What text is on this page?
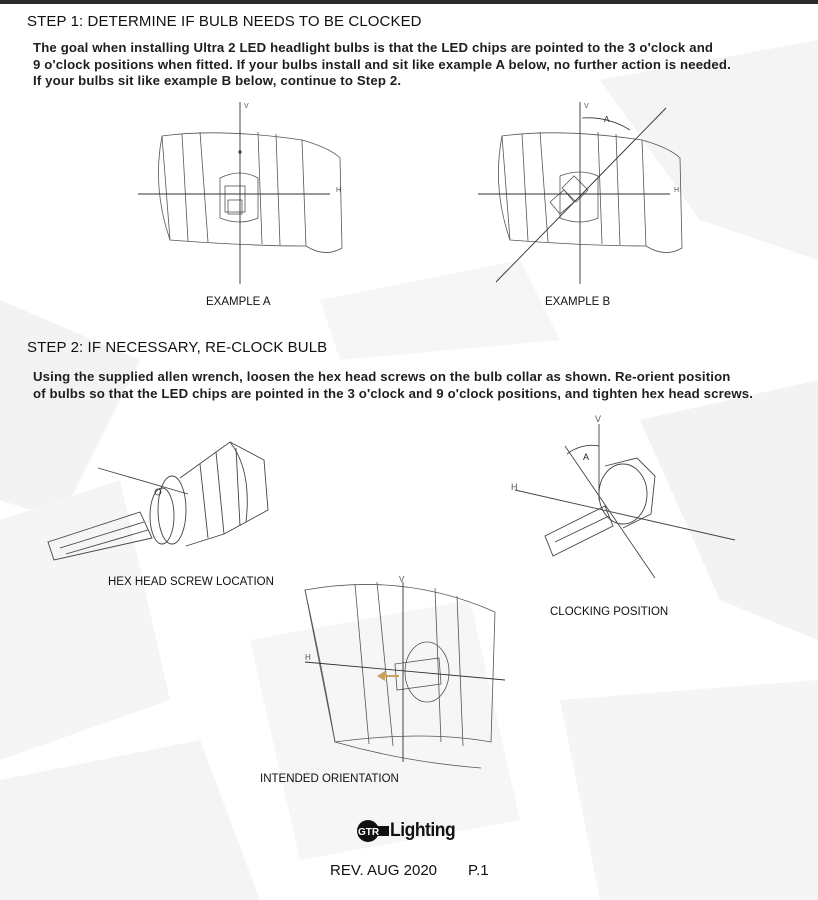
STEP 1: DETERMINE IF BULB NEEDS TO BE CLOCKED
The goal when installing Ultra 2 LED headlight bulbs is that the LED chips are pointed to the 3 o'clock and
9 o'clock positions when fitted. If your bulbs install and sit like example A below, no further action is needed.
If your bulbs sit like example B below, continue to Step 2.
V
H
EXAMPLE A
A
V
H
EXAMPLE B
STEP 2: IF NECESSARY, RE-CLOCK BULB
Using the supplied allen wrench, loosen the hex head screws on the bulb collar as shown. Re-orient position
of bulbs so that the LED chips are pointed in the 3 o'clock and 9 o'clock positions, and tighten hex head screws.
HEX HEAD SCREW LOCATION
V
H
A
CLOCKING POSITION
V
H
INTENDED ORIENTATION
GTR Lighting
REV. AUG 2020 P.1
